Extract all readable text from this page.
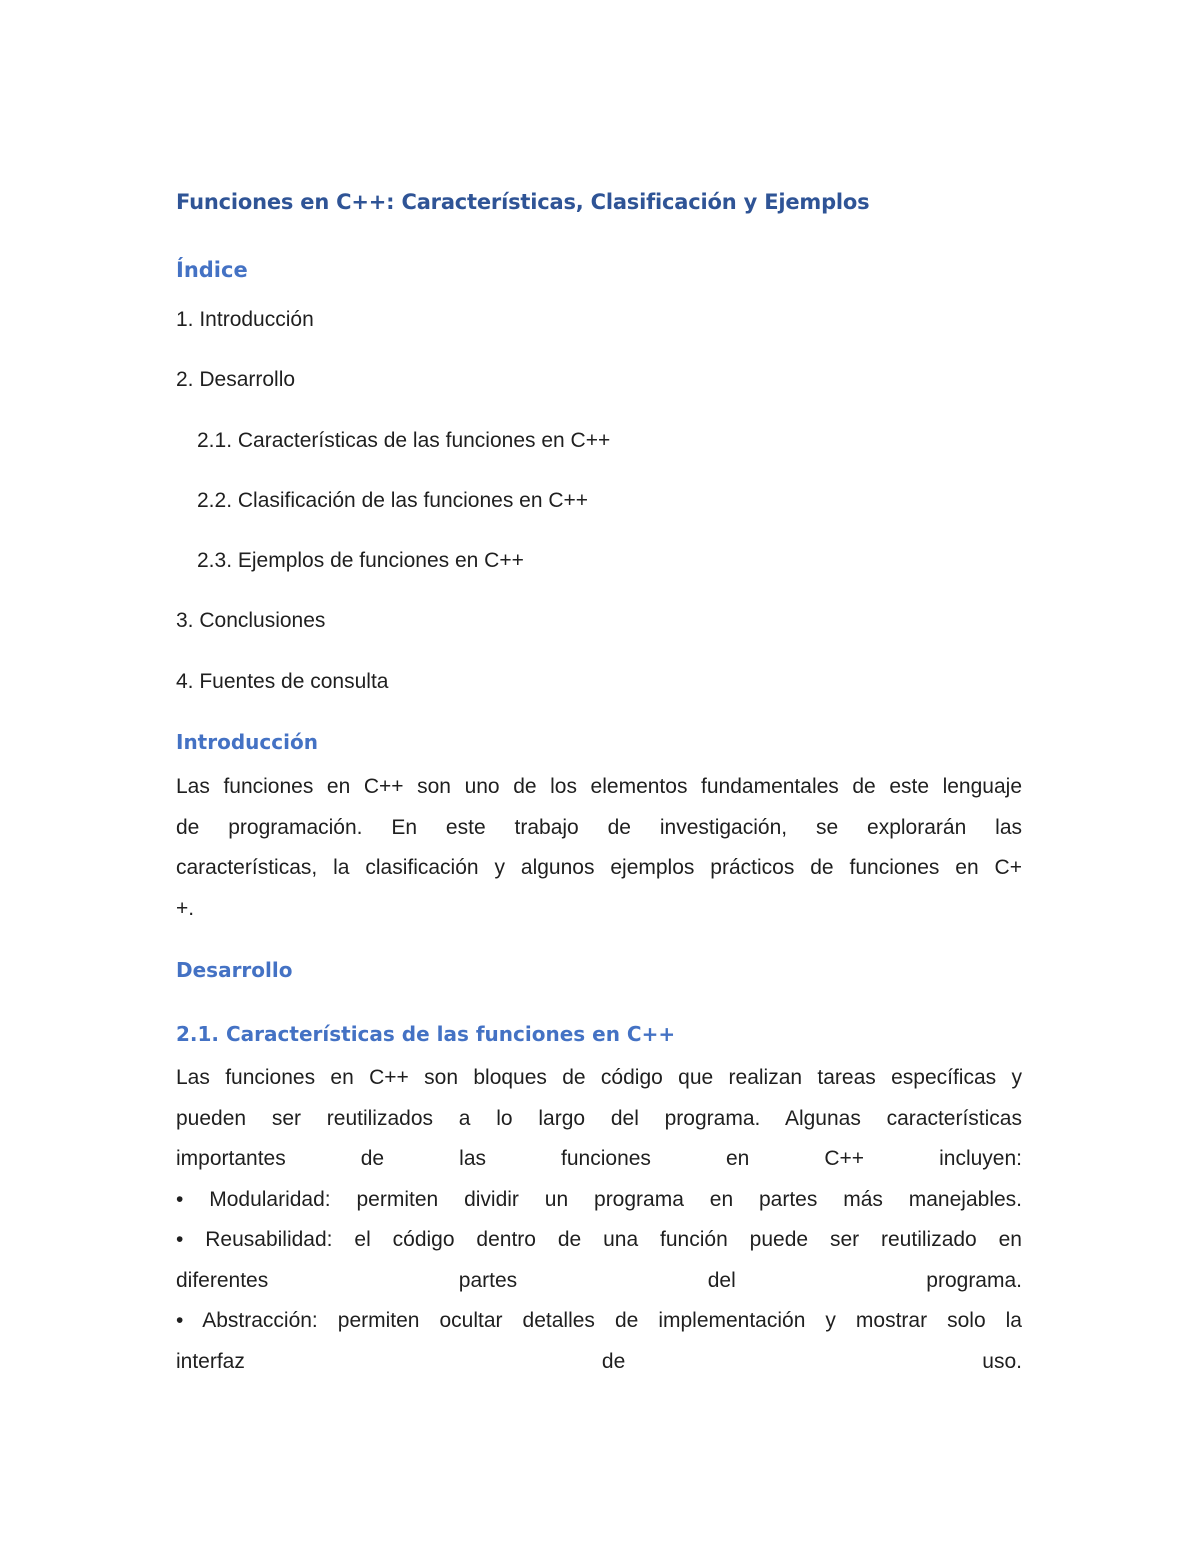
Funciones en C++: Características, Clasificación y Ejemplos
Índice
1. Introducción
2. Desarrollo
2.1. Características de las funciones en C++
2.2. Clasificación de las funciones en C++
2.3. Ejemplos de funciones en C++
3. Conclusiones
4. Fuentes de consulta
Introducción
Las funciones en C++ son uno de los elementos fundamentales de este lenguaje
de programación. En este trabajo de investigación, se explorarán las
características, la clasificación y algunos ejemplos prácticos de funciones en C+
+.
Desarrollo
2.1. Características de las funciones en C++
Las funciones en C++ son bloques de código que realizan tareas específicas y
pueden ser reutilizados a lo largo del programa. Algunas características
importantes de las funciones en C++ incluyen:
• Modularidad: permiten dividir un programa en partes más manejables.
• Reusabilidad: el código dentro de una función puede ser reutilizado en
diferentes partes del programa.
• Abstracción: permiten ocultar detalles de implementación y mostrar solo la
interfaz de uso.
